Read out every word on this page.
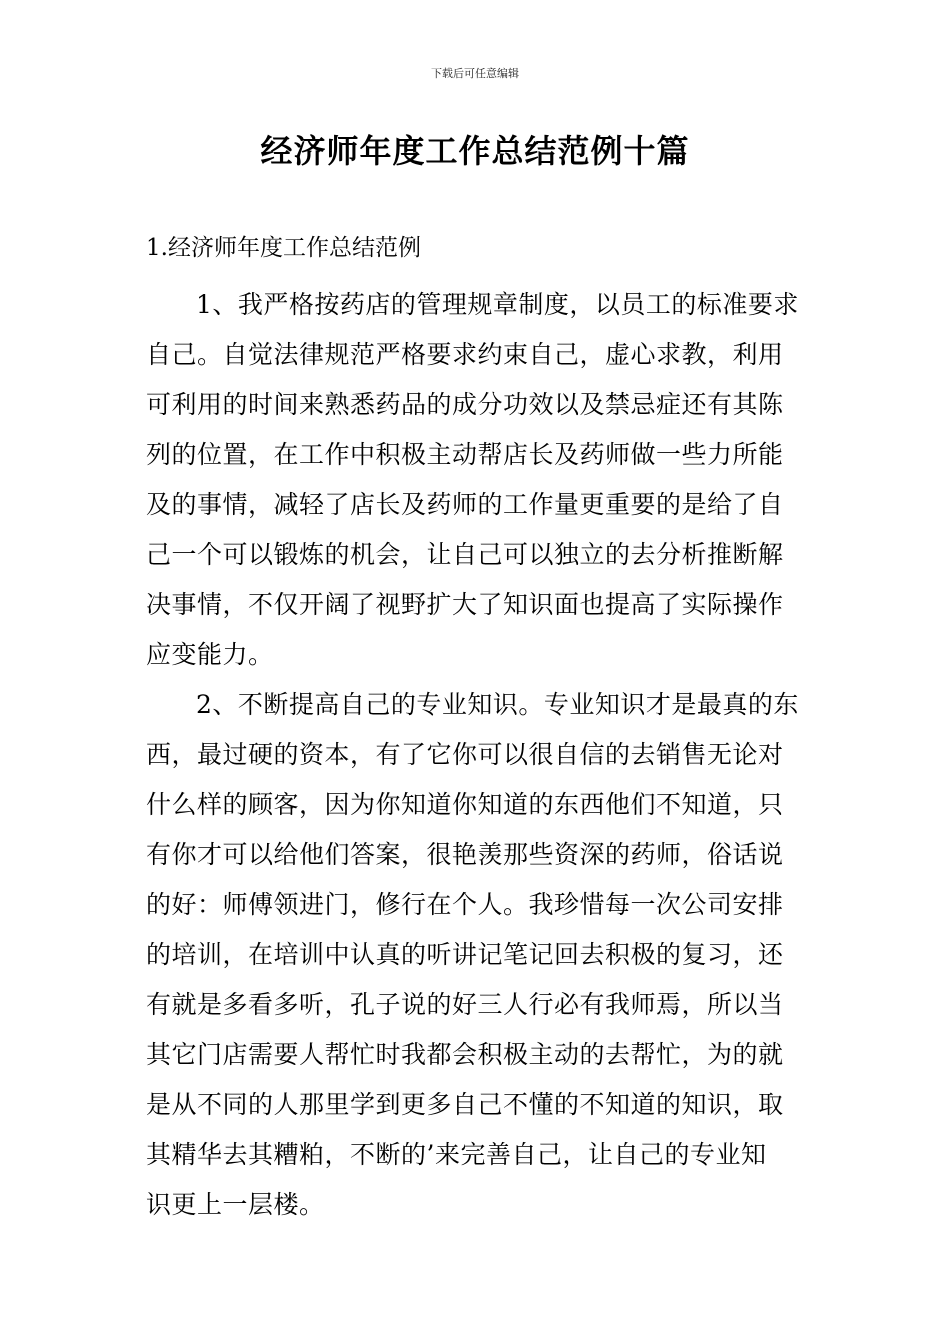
下载后可任意编辑
经济师年度工作总结范例十篇
1.经济师年度工作总结范例
1、我严格按药店的管理规章制度，以员工的标准要求
自己。自觉法律规范严格要求约束自己，虚心求教，利用
可利用的时间来熟悉药品的成分功效以及禁忌症还有其陈
列的位置，在工作中积极主动帮店长及药师做一些力所能
及的事情，减轻了店长及药师的工作量更重要的是给了自
己一个可以锻炼的机会，让自己可以独立的去分析推断解
决事情，不仅开阔了视野扩大了知识面也提高了实际操作
应变能力。
2、不断提高自己的专业知识。专业知识才是最真的东
西，最过硬的资本，有了它你可以很自信的去销售无论对
什么样的顾客，因为你知道你知道的东西他们不知道，只
有你才可以给他们答案，很艳羡那些资深的药师，俗话说
的好：师傅领进门，修行在个人。我珍惜每一次公司安排
的培训，在培训中认真的听讲记笔记回去积极的复习，还
有就是多看多听，孔子说的好三人行必有我师焉，所以当
其它门店需要人帮忙时我都会积极主动的去帮忙，为的就
是从不同的人那里学到更多自己不懂的不知道的知识，取
其精华去其糟粕，不断的’来完善自己，让自己的专业知
识更上一层楼。
